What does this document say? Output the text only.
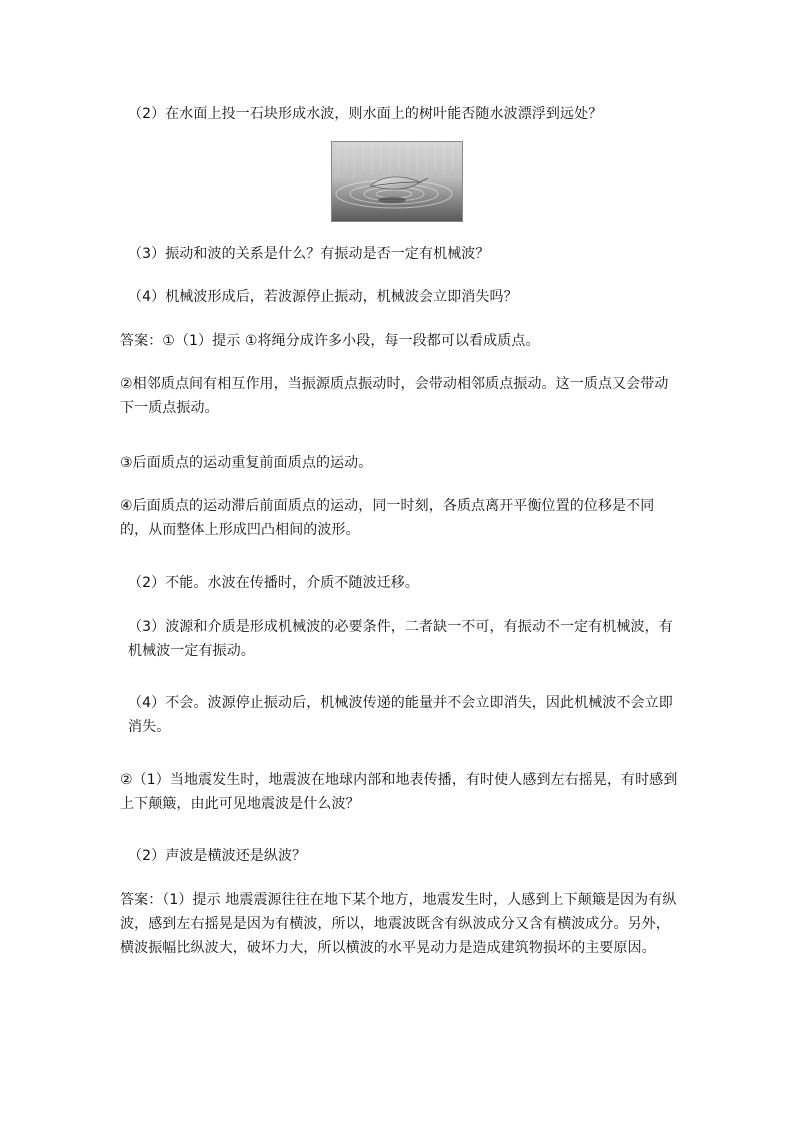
（2）在水面上投一石块形成水波，则水面上的树叶能否随水波漂浮到远处？

（3）振动和波的关系是什么？有振动是否一定有机械波？

（4）机械波形成后，若波源停止振动，机械波会立即消失吗？

答案：①（1）提示 ①将绳分成许多小段，每一段都可以看成质点。

②相邻质点间有相互作用，当振源质点振动时，会带动相邻质点振动。这一质点又会带动下一质点振动。

③后面质点的运动重复前面质点的运动。

④后面质点的运动滞后前面质点的运动，同一时刻，各质点离开平衡位置的位移是不同的，从而整体上形成凹凸相间的波形。

（2）不能。水波在传播时，介质不随波迁移。

（3）波源和介质是形成机械波的必要条件，二者缺一不可，有振动不一定有机械波，有机械波一定有振动。

（4）不会。波源停止振动后，机械波传递的能量并不会立即消失，因此机械波不会立即消失。

②（1）当地震发生时，地震波在地球内部和地表传播，有时使人感到左右摇晃，有时感到上下颠簸，由此可见地震波是什么波？

（2）声波是横波还是纵波？

答案：（1）提示 地震震源往往在地下某个地方，地震发生时，人感到上下颠簸是因为有纵波，感到左右摇晃是因为有横波，所以，地震波既含有纵波成分又含有横波成分。另外，横波振幅比纵波大，破坏力大，所以横波的水平晃动力是造成建筑物损坏的主要原因。
